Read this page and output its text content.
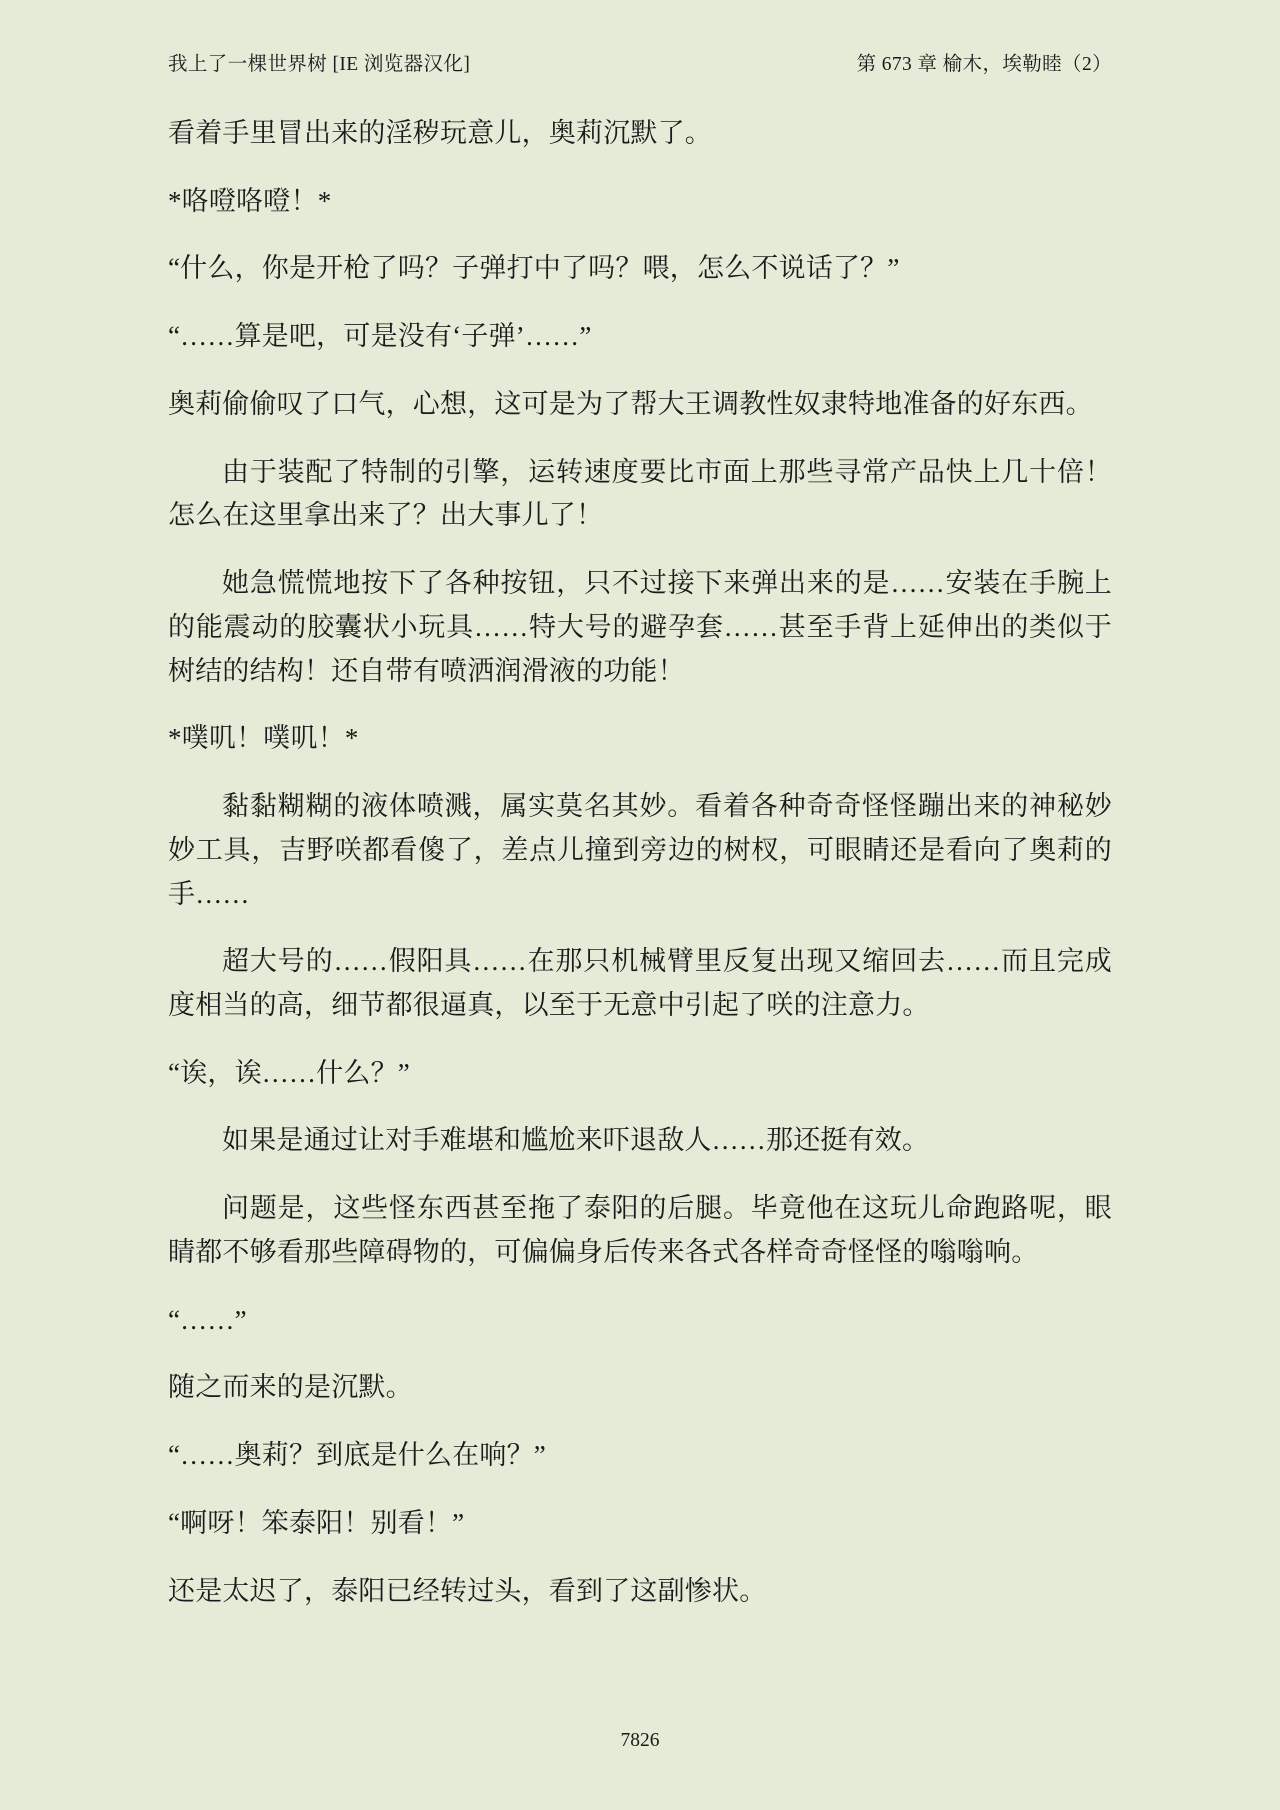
我上了一棵世界树 [IE 浏览器汉化]	第 673 章 榆木，埃勒睦（2）

看着手里冒出来的淫秽玩意儿，奥莉沉默了。

*咯噔咯噔！*

“什么，你是开枪了吗？子弹打中了吗？喂，怎么不说话了？”

“……算是吧，可是没有‘子弹’……”

奥莉偷偷叹了口气，心想，这可是为了帮大王调教性奴隶特地准备的好东西。

由于装配了特制的引擎，运转速度要比市面上那些寻常产品快上几十倍！怎么在这里拿出来了？出大事儿了！

她急慌慌地按下了各种按钮，只不过接下来弹出来的是……安装在手腕上的能震动的胶囊状小玩具……特大号的避孕套……甚至手背上延伸出的类似于树结的结构！还自带有喷洒润滑液的功能！

*噗叽！噗叽！*

黏黏糊糊的液体喷溅，属实莫名其妙。看着各种奇奇怪怪蹦出来的神秘妙妙工具，吉野咲都看傻了，差点儿撞到旁边的树杈，可眼睛还是看向了奥莉的手……

超大号的……假阳具……在那只机械臂里反复出现又缩回去……而且完成度相当的高，细节都很逼真，以至于无意中引起了咲的注意力。

“诶，诶……什么？”

如果是通过让对手难堪和尴尬来吓退敌人……那还挺有效。

问题是，这些怪东西甚至拖了泰阳的后腿。毕竟他在这玩儿命跑路呢，眼睛都不够看那些障碍物的，可偏偏身后传来各式各样奇奇怪怪的嗡嗡响。

“……”

随之而来的是沉默。

“……奥莉？到底是什么在响？”

“啊呀！笨泰阳！别看！”

还是太迟了，泰阳已经转过头，看到了这副惨状。

7826
